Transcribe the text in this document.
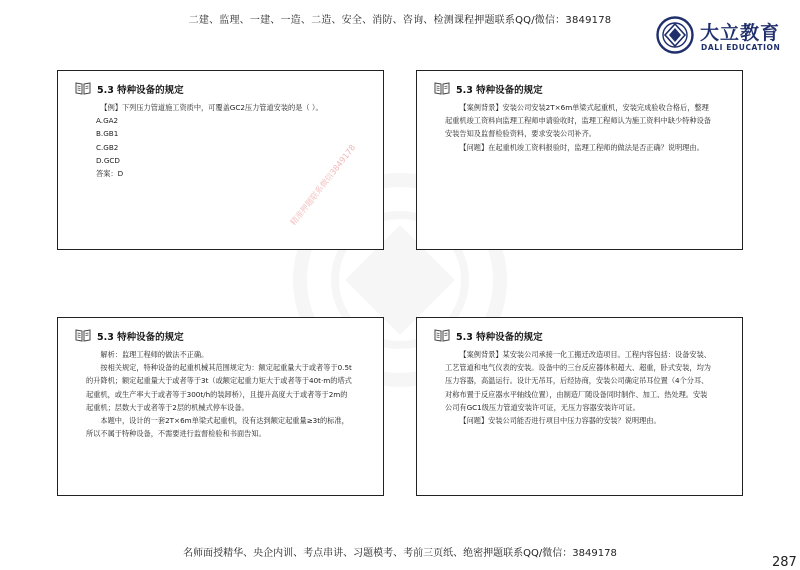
二建、监理、一建、一造、二造、安全、消防、咨询、检测课程押题联系QQ/微信：3849178
大立教育
DALI EDUCATION
5.3 特种设备的规定

【例】下列压力管道施工资质中，可覆盖GC2压力管道安装的是（ ）。

A.GA2

B.GB1

C.GB2

D.GCD

答案：D	精准押题联系微信3849178
5.3 特种设备的规定

【案例背景】安装公司安装2T×6m单梁式起重机，安装完成验收合格后，整理起重机竣工资料向监理工程师申请验收时，监理工程师认为施工资料中缺少特种设备安装告知及监督检验资料，要求安装公司补齐。

【问题】在起重机竣工资料报验时，监理工程师的做法是否正确？说明理由。

5.3 特种设备的规定

解析：监理工程师的做法不正确。

按相关规定，特种设备的起重机械其范围规定为：额定起重量大于或者等于0.5t的升降机；额定起重量大于或者等于3t（或额定起重力矩大于或者等于40t·m的塔式起重机，或生产率大于或者等于300t/h的装卸桥），且提升高度大于或者等于2m的起重机；层数大于或者等于2层的机械式停车设备。

本题中，设计的一套2T×6m单梁式起重机，没有达到额定起重量≥3t的标准，所以不属于特种设备，不需要进行监督检验和书面告知。

5.3 特种设备的规定

【案例背景】某安装公司承接一化工搬迁改造项目。工程内容包括：设备安装、工艺管道和电气仪表的安装。设备中的三台反应器体积超大、超重，卧式安装，均为压力容器，高温运行。设计无吊耳，后经协商，安装公司确定吊耳位置（4个分耳、对称布置于反应器水平轴线位置），由制造厂随设备同时制作、加工、热处理。安装公司有GC1级压力管道安装许可证，无压力容器安装许可证。

【问题】安装公司能否进行项目中压力容器的安装？说明理由。

名师面授精华、央企内训、考点串讲、习题模考、考前三页纸、绝密押题联系QQ/微信：3849178
287
